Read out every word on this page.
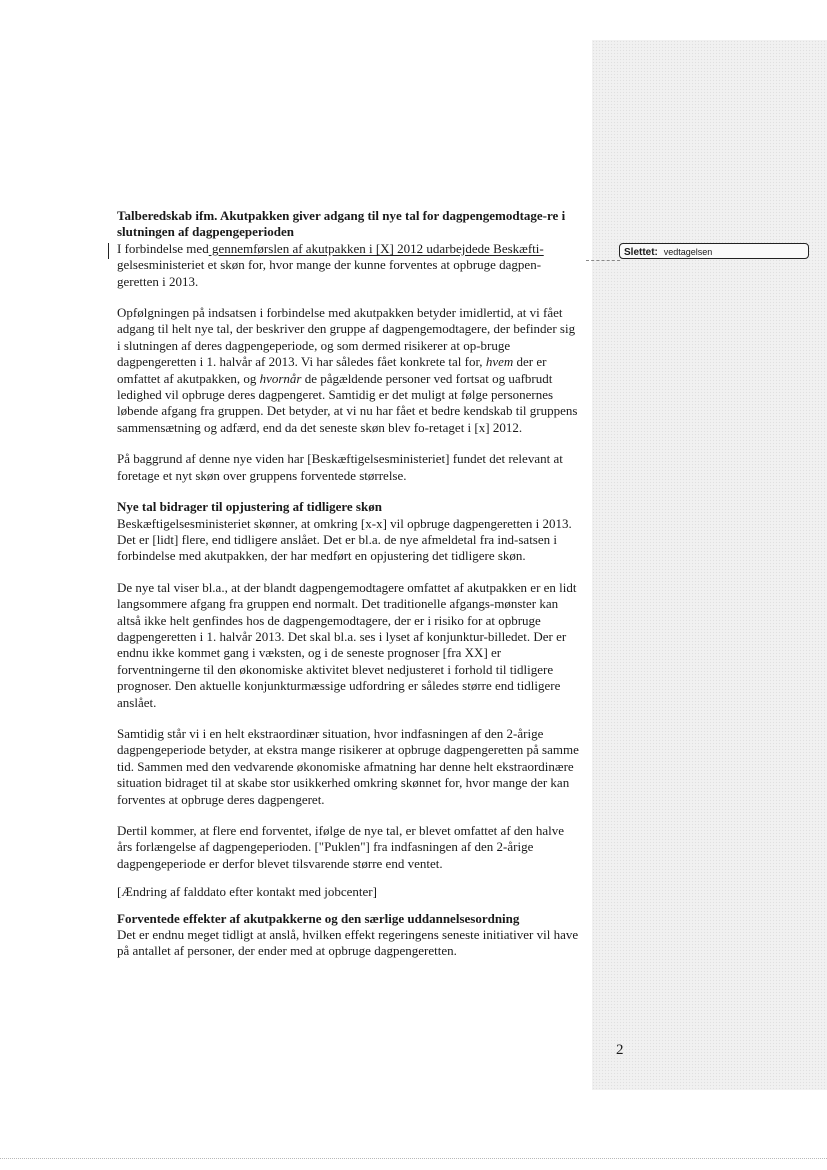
Slettet: vedtagelsen

Talberedskab ifm. Akutpakken giver adgang til nye tal for dagpengemodtage-re i slutningen af dagpengeperioden

I forbindelse med gennemførslen af akutpakken i [X] 2012 udarbejdede Beskæfti- gelsesministeriet et skøn for, hvor mange der kunne forventes at opbruge dagpen-geretten i 2013.

Opfølgningen på indsatsen i forbindelse med akutpakken betyder imidlertid, at vi fået adgang til helt nye tal, der beskriver den gruppe af dagpengemodtagere, der befinder sig i slutningen af deres dagpengeperiode, og som dermed risikerer at op-bruge dagpengeretten i 1. halvår af 2013. Vi har således fået konkrete tal for, hvem der er omfattet af akutpakken, og hvornår de pågældende personer ved fortsat og uafbrudt ledighed vil opbruge deres dagpengeret. Samtidig er det muligt at følge personernes løbende afgang fra gruppen. Det betyder, at vi nu har fået et bedre kendskab til gruppens sammensætning og adfærd, end da det seneste skøn blev fo-retaget i [x] 2012.

På baggrund af denne nye viden har [Beskæftigelsesministeriet] fundet det relevant at foretage et nyt skøn over gruppens forventede størrelse.

Nye tal bidrager til opjustering af tidligere skøn

Beskæftigelsesministeriet skønner, at omkring [x-x] vil opbruge dagpengeretten i 2013. Det er [lidt] flere, end tidligere anslået. Det er bl.a. de nye afmeldetal fra ind-satsen i forbindelse med akutpakken, der har medført en opjustering det tidligere skøn.

De nye tal viser bl.a., at der blandt dagpengemodtagere omfattet af akutpakken er en lidt langsommere afgang fra gruppen end normalt. Det traditionelle afgangs-mønster kan altså ikke helt genfindes hos de dagpengemodtagere, der er i risiko for at opbruge dagpengeretten i 1. halvår 2013. Det skal bl.a. ses i lyset af konjunktur-billedet. Der er endnu ikke kommet gang i væksten, og i de seneste prognoser [fra XX] er forventningerne til den økonomiske aktivitet blevet nedjusteret i forhold til tidligere prognoser. Den aktuelle konjunkturmæssige udfordring er således større end tidligere anslået.

Samtidig står vi i en helt ekstraordinær situation, hvor indfasningen af den 2-årige dagpengeperiode betyder, at ekstra mange risikerer at opbruge dagpengeretten på samme tid. Sammen med den vedvarende økonomiske afmatning har denne helt ekstraordinære situation bidraget til at skabe stor usikkerhed omkring skønnet for, hvor mange der kan forventes at opbruge deres dagpengeret.

Dertil kommer, at flere end forventet, ifølge de nye tal, er blevet omfattet af den halve års forlængelse af dagpengeperioden. ["Puklen"] fra indfasningen af den 2-årige dagpengeperiode er derfor blevet tilsvarende større end ventet.

[Ændring af falddato efter kontakt med jobcenter]

Forventede effekter af akutpakkerne og den særlige uddannelsesordning

Det er endnu meget tidligt at anslå, hvilken effekt regeringens seneste initiativer vil have på antallet af personer, der ender med at opbruge dagpengeretten.

2
